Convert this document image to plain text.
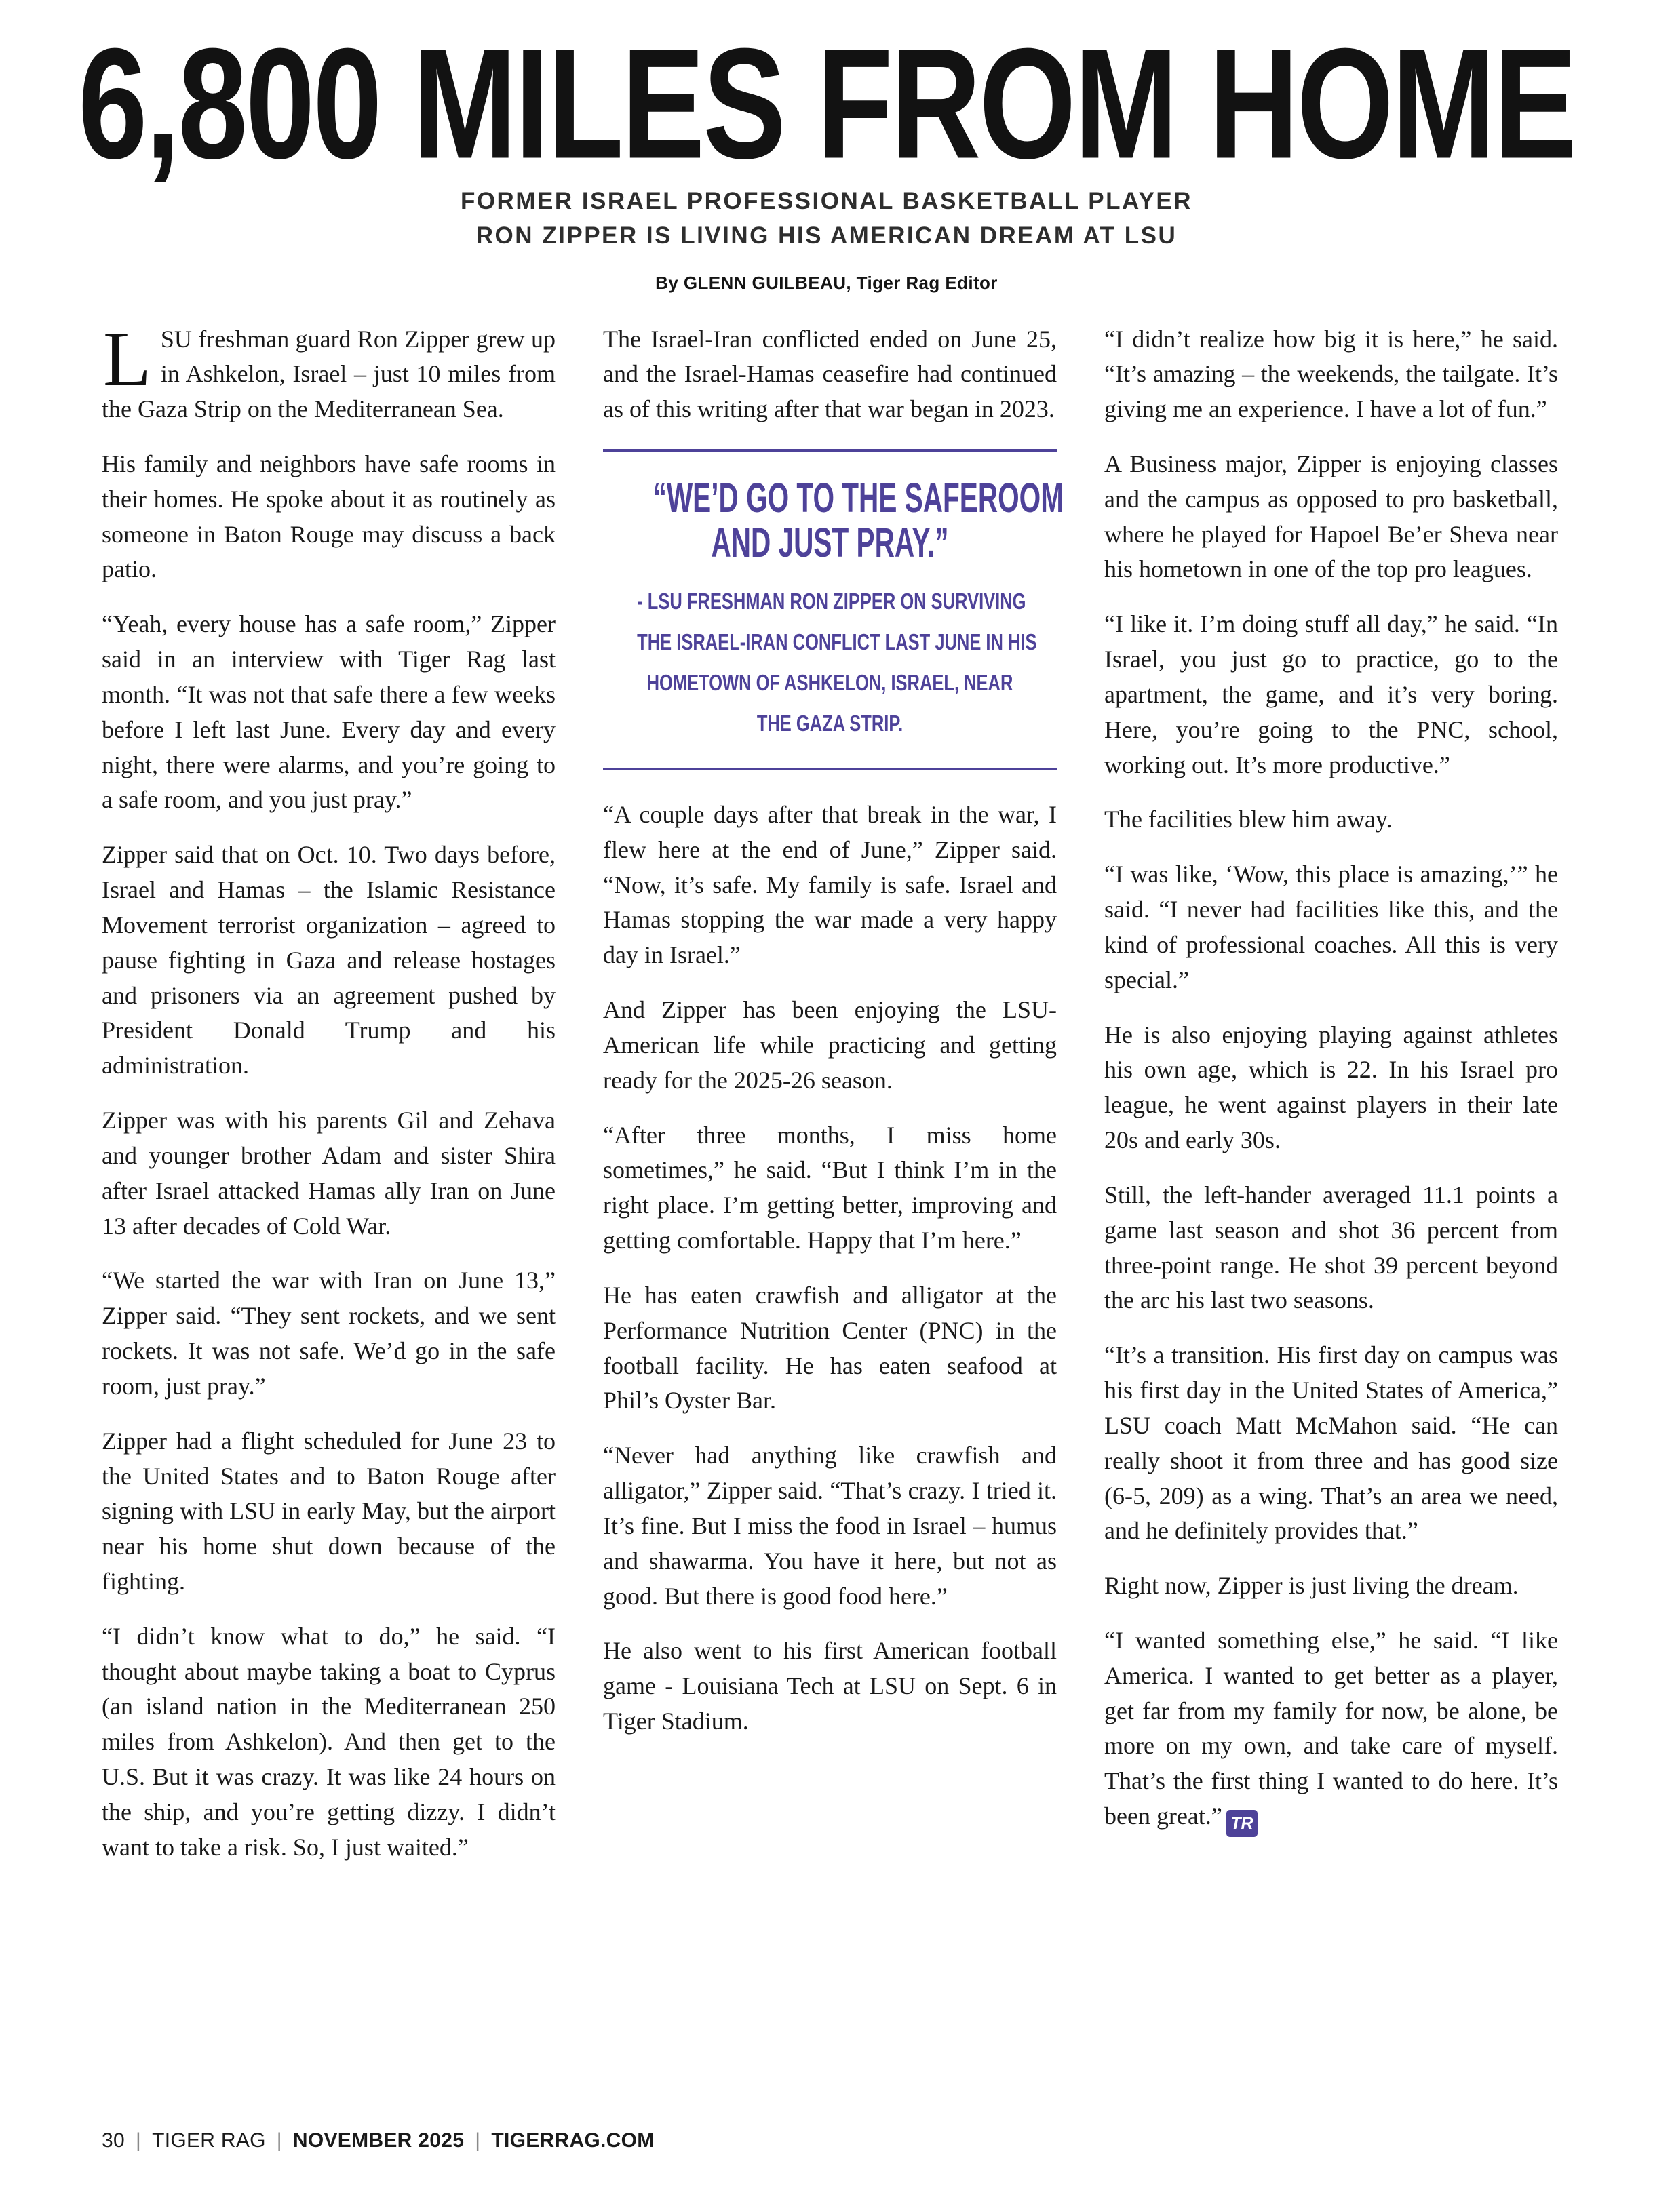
6,800 MILES FROM HOME
FORMER ISRAEL PROFESSIONAL BASKETBALL PLAYER
RON ZIPPER IS LIVING HIS AMERICAN DREAM AT LSU
By GLENN GUILBEAU, Tiger Rag Editor

LSU freshman guard Ron Zipper grew up in Ashkelon, Israel – just 10 miles from the Gaza Strip on the Mediterranean Sea.

His family and neighbors have safe rooms in their homes. He spoke about it as routinely as someone in Baton Rouge may discuss a back patio.

“Yeah, every house has a safe room,” Zipper said in an interview with Tiger Rag last month. “It was not that safe there a few weeks before I left last June. Every day and every night, there were alarms, and you’re going to a safe room, and you just pray.”

Zipper said that on Oct. 10. Two days before, Israel and Hamas – the Islamic Resistance Movement terrorist organization – agreed to pause fighting in Gaza and release hostages and prisoners via an agreement pushed by President Donald Trump and his administration.

Zipper was with his parents Gil and Zehava and younger brother Adam and sister Shira after Israel attacked Hamas ally Iran on June 13 after decades of Cold War.

“We started the war with Iran on June 13,” Zipper said. “They sent rockets, and we sent rockets. It was not safe. We’d go in the safe room, just pray.”

Zipper had a flight scheduled for June 23 to the United States and to Baton Rouge after signing with LSU in early May, but the airport near his home shut down because of the fighting.

“I didn’t know what to do,” he said. “I thought about maybe taking a boat to Cyprus (an island nation in the Mediterranean 250 miles from Ashkelon). And then get to the U.S. But it was crazy. It was like 24 hours on the ship, and you’re getting dizzy. I didn’t want to take a risk. So, I just waited.”

The Israel-Iran conflicted ended on June 25, and the Israel-Hamas ceasefire had continued as of this writing after that war began in 2023.

“WE’D GO TO THE SAFEROOM
AND JUST PRAY.”
- LSU FRESHMAN RON ZIPPER ON SURVIVING
THE ISRAEL-IRAN CONFLICT LAST JUNE IN HIS
HOMETOWN OF ASHKELON, ISRAEL, NEAR
THE GAZA STRIP.

“A couple days after that break in the war, I flew here at the end of June,” Zipper said. “Now, it’s safe. My family is safe. Israel and Hamas stopping the war made a very happy day in Israel.”

And Zipper has been enjoying the LSU-American life while practicing and getting ready for the 2025-26 season.

“After three months, I miss home sometimes,” he said. “But I think I’m in the right place. I’m getting better, improving and getting comfortable. Happy that I’m here.”

He has eaten crawfish and alligator at the Performance Nutrition Center (PNC) in the football facility. He has eaten seafood at Phil’s Oyster Bar.

“Never had anything like crawfish and alligator,” Zipper said. “That’s crazy. I tried it. It’s fine. But I miss the food in Israel – humus and shawarma. You have it here, but not as good. But there is good food here.”

He also went to his first American football game - Louisiana Tech at LSU on Sept. 6 in Tiger Stadium.

“I didn’t realize how big it is here,” he said. “It’s amazing – the weekends, the tailgate. It’s giving me an experience. I have a lot of fun.”

A Business major, Zipper is enjoying classes and the campus as opposed to pro basketball, where he played for Hapoel Be’er Sheva near his hometown in one of the top pro leagues.

“I like it. I’m doing stuff all day,” he said. “In Israel, you just go to practice, go to the apartment, the game, and it’s very boring. Here, you’re going to the PNC, school, working out. It’s more productive.”

The facilities blew him away.

“I was like, ‘Wow, this place is amazing,’” he said. “I never had facilities like this, and the kind of professional coaches. All this is very special.”

He is also enjoying playing against athletes his own age, which is 22. In his Israel pro league, he went against players in their late 20s and early 30s.

Still, the left-hander averaged 11.1 points a game last season and shot 36 percent from three-point range. He shot 39 percent beyond the arc his last two seasons.

“It’s a transition. His first day on campus was his first day in the United States of America,” LSU coach Matt McMahon said. “He can really shoot it from three and has good size (6-5, 209) as a wing. That’s an area we need, and he definitely provides that.”

Right now, Zipper is just living the dream.

“I wanted something else,” he said. “I like America. I wanted to get better as a player, get far from my family for now, be alone, be more on my own, and take care of myself. That’s the first thing I wanted to do here. It’s been great.” TR

30 | TIGER RAG | NOVEMBER 2025 | TIGERRAG.COM
